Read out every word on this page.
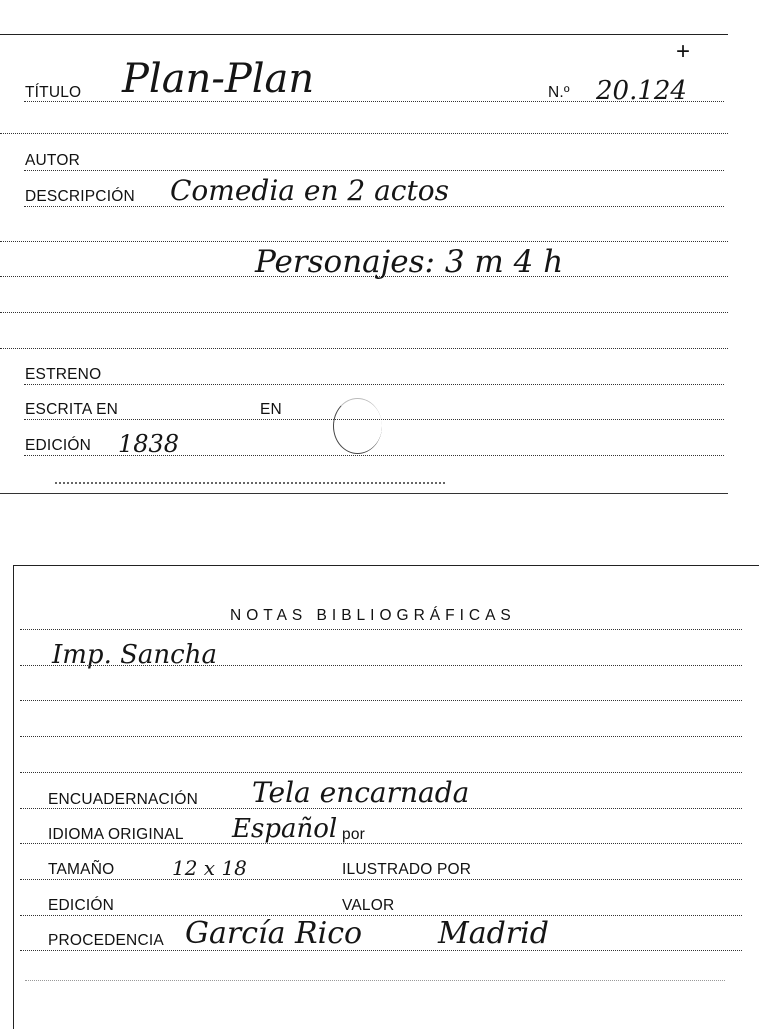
+
TÍTULO Plan-Plan	N.º 20.124
AUTOR
DESCRIPCIÓN Comedia en 2 actos
Personajes: 3 m 4 h
ESTRENO
ESCRITA EN	EN
EDICIÓN 1838
NOTAS BIBLIOGRÁFICAS
Imp. Sancha
ENCUADERNACIÓN Tela encarnada
IDIOMA ORIGINAL Español por
TAMAÑO	12 x 18	ILUSTRADO POR
EDICIÓN	VALOR
PROCEDENCIA García Rico	Madrid
